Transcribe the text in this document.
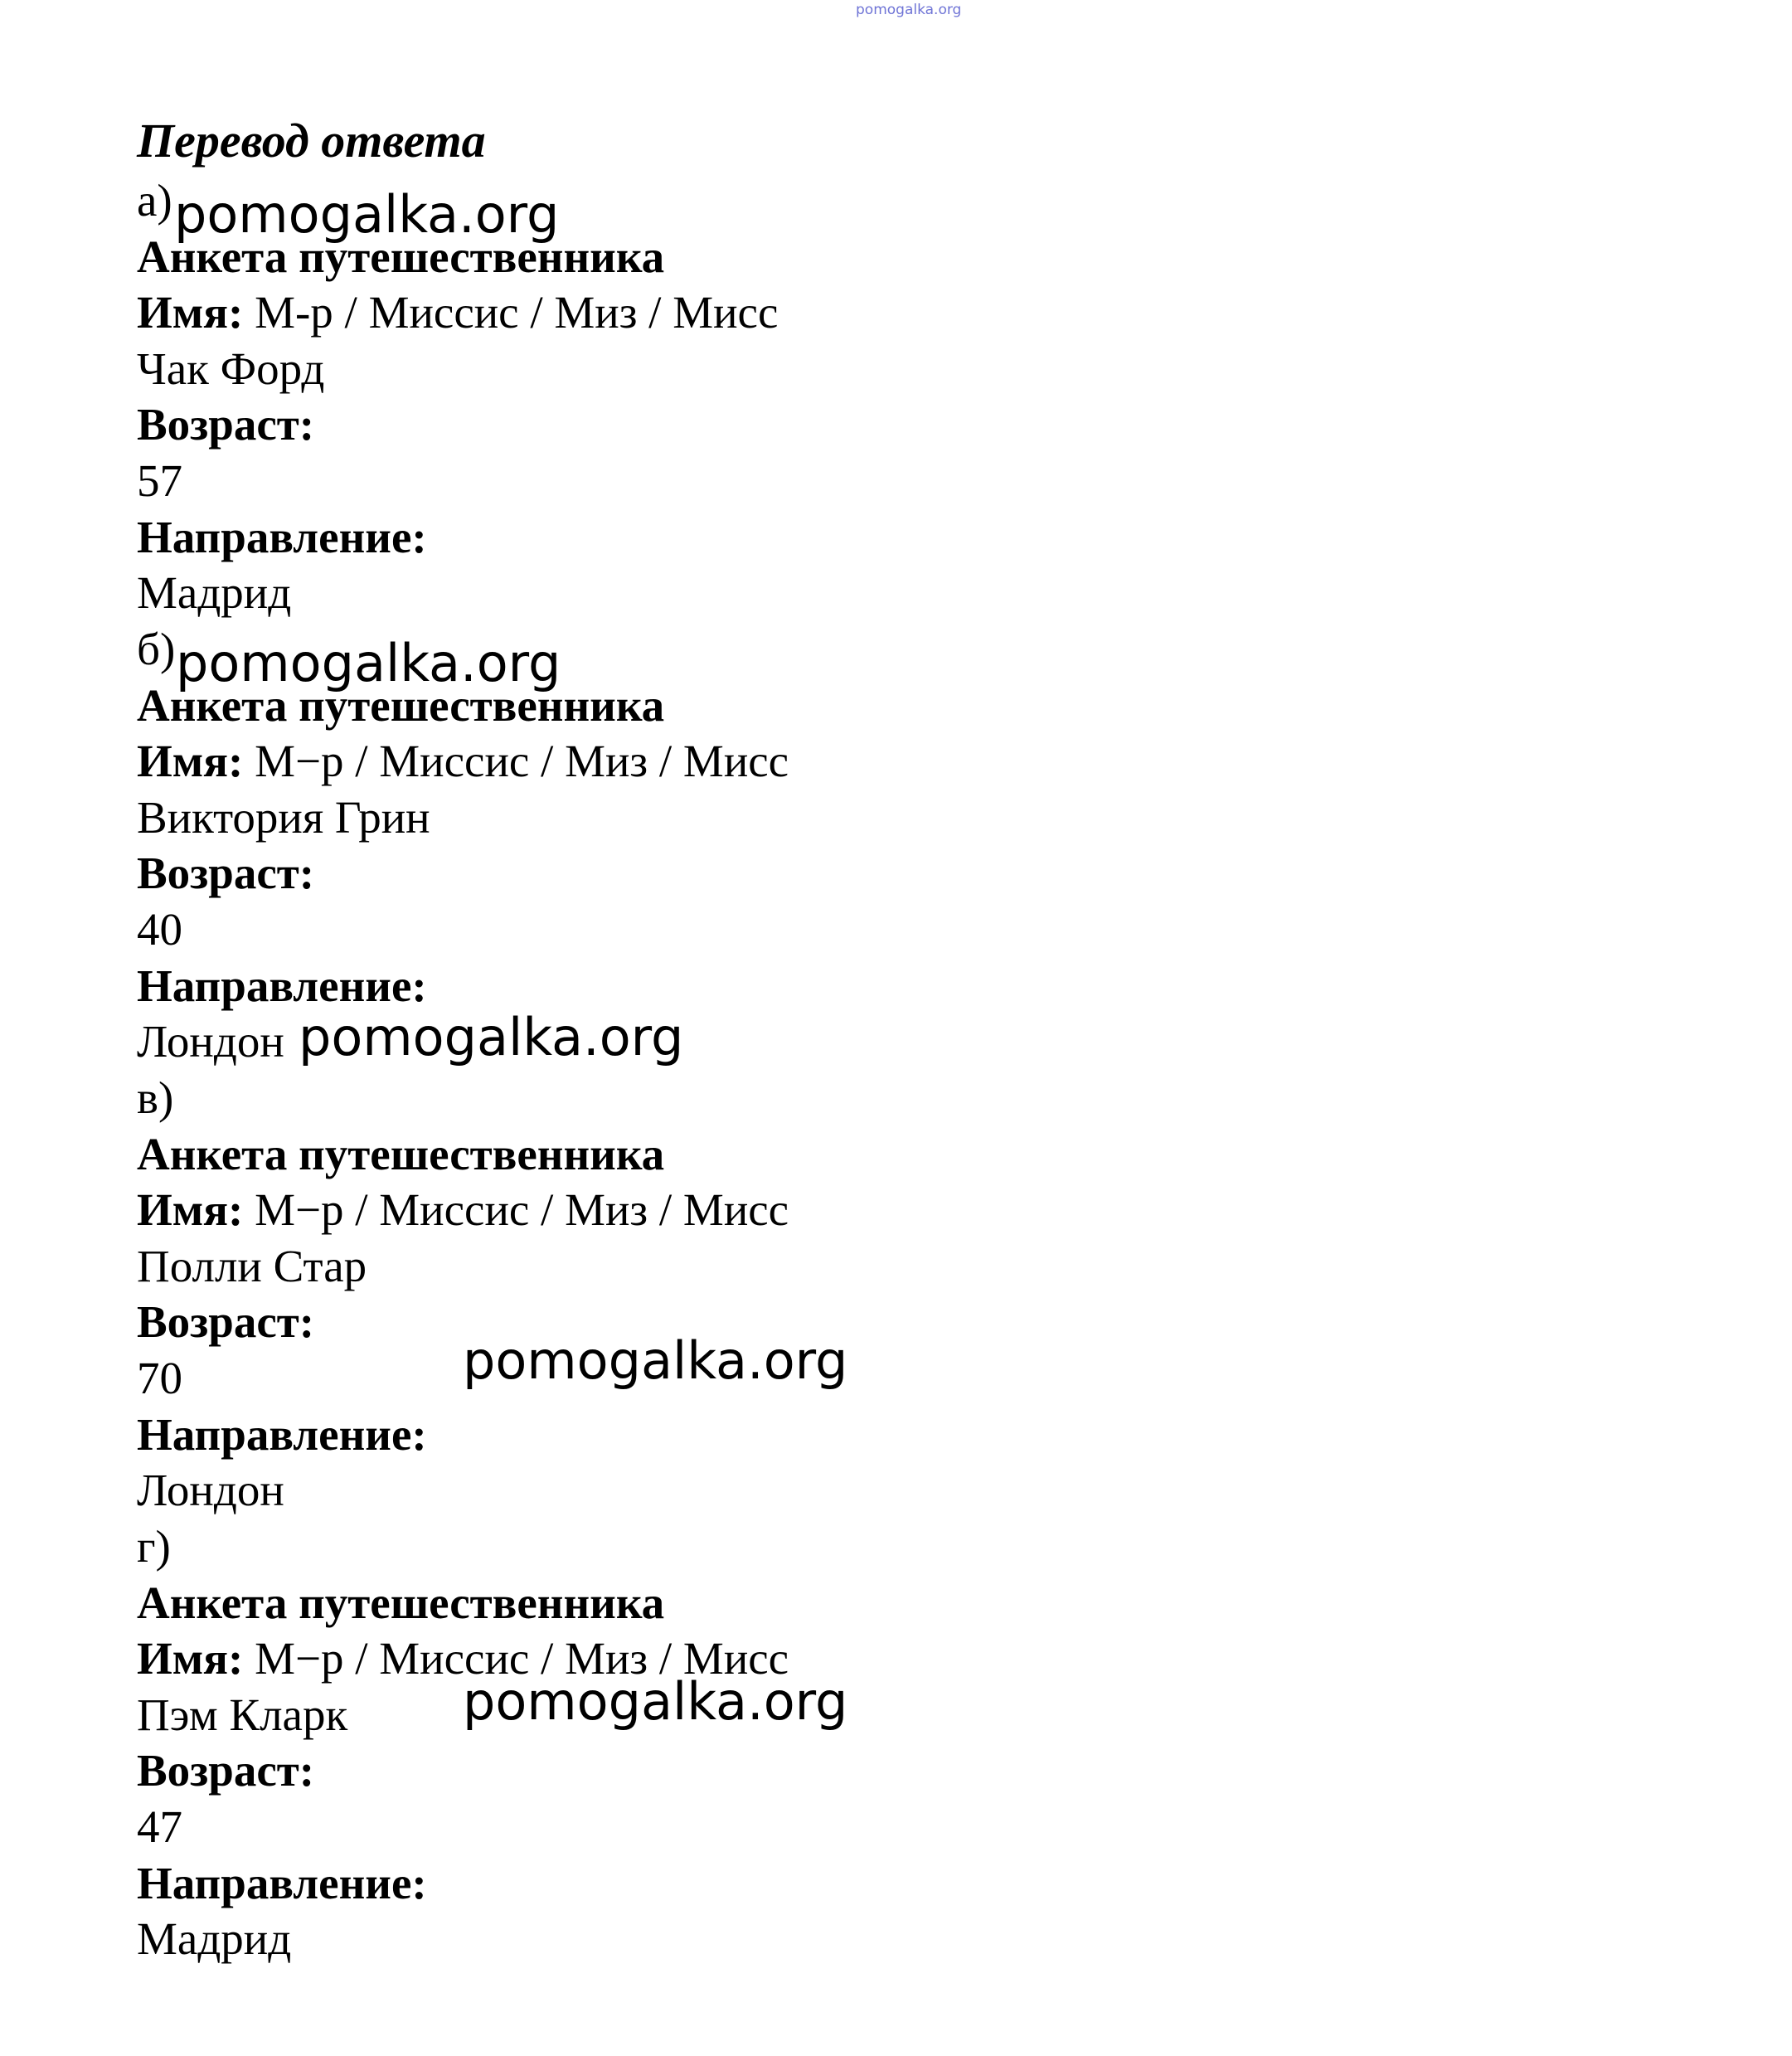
pomogalka.org
Перевод ответа
а)
Анкета путешественника
Имя: М-р / Миссис / Миз / Мисс
Чак Форд
Возраст:
57
Направление:
Мадрид
б)
Анкета путешественника
Имя: М−р / Миссис / Миз / Мисс
Виктория Грин
Возраст:
40
Направление:
Лондон
в)
Анкета путешественника
Имя: М−р / Миссис / Миз / Мисс
Полли Стар
Возраст:
70
Направление:
Лондон
г)
Анкета путешественника
Имя: М−р / Миссис / Миз / Мисс
Пэм Кларк
Возраст:
47
Направление:
Мадрид
pomogalka.org
pomogalka.org
pomogalka.org
pomogalka.org
pomogalka.org
